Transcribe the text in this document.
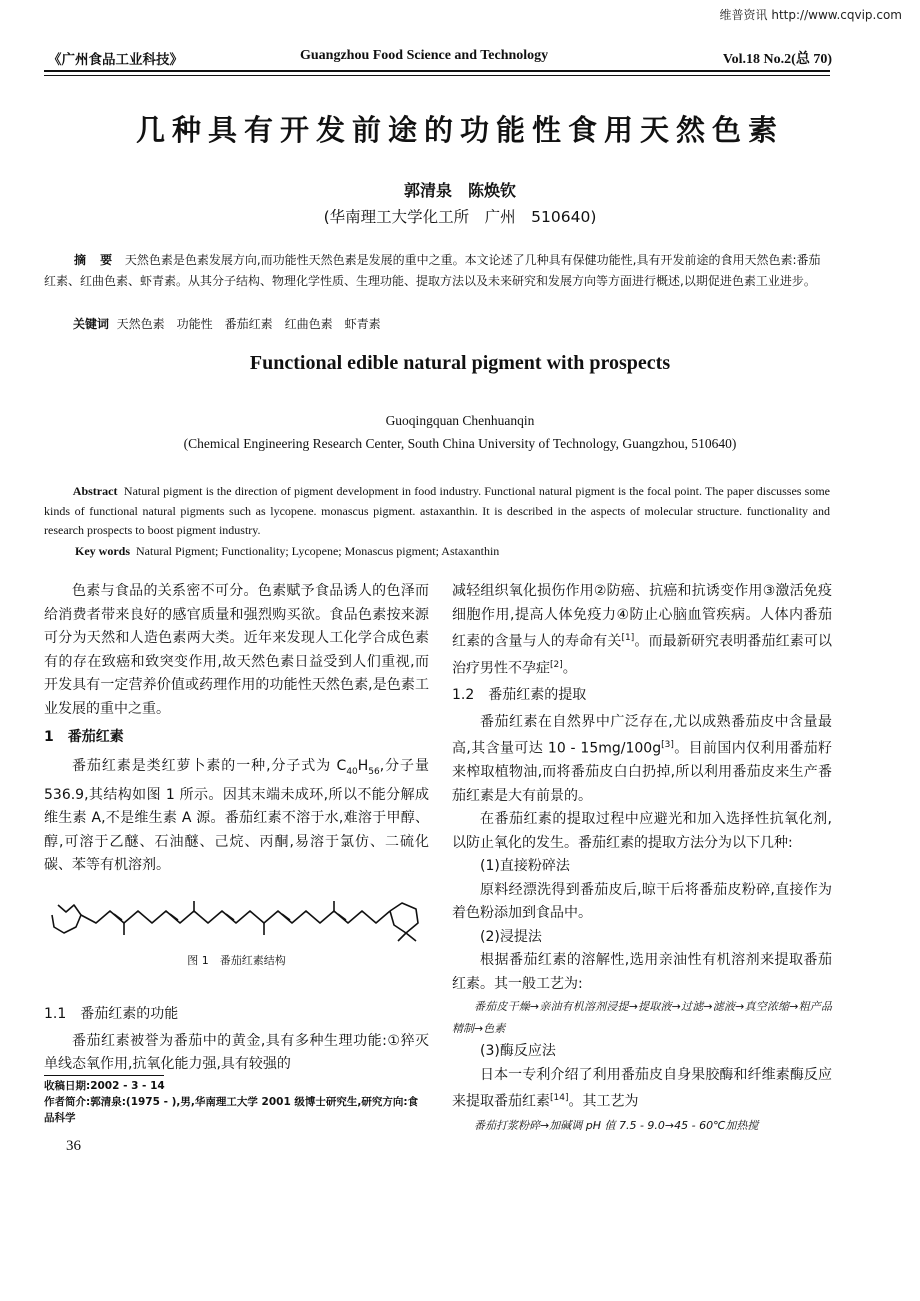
维普资讯 http://www.cqvip.com
《广州食品工业科技》	Guangzhou Food Science and Technology	Vol.18 No.2(总 70)
几种具有开发前途的功能性食用天然色素
郭清泉　陈焕钦
(华南理工大学化工所　广州　510640)
摘 要 天然色素是色素发展方向,而功能性天然色素是发展的重中之重。本文论述了几种具有保健功能性,具有开发前途的食用天然色素:番茄红素、红曲色素、虾青素。从其分子结构、物理化学性质、生理功能、提取方法以及未来研究和发展方向等方面进行概述,以期促进色素工业进步。
关键词 天然色素　功能性　番茄红素　红曲色素　虾青素
Functional edible natural pigment with prospects
Guoqingquan Chenhuanqin
(Chemical Engineering Research Center, South China University of Technology, Guangzhou, 510640)
Abstract Natural pigment is the direction of pigment development in food industry. Functional natural pigment is the focal point. The paper discusses some kinds of functional natural pigments such as lycopene. monascus pigment. astaxanthin. It is described in the aspects of molecular structure. functionality and research prospects to boost pigment industry.
Key words Natural Pigment; Functionality; Lycopene; Monascus pigment; Astaxanthin

色素与食品的关系密不可分。色素赋予食品诱人的色泽而给消费者带来良好的感官质量和强烈购买欲。食品色素按来源可分为天然和人造色素两大类。近年来发现人工化学合成色素有的存在致癌和致突变作用,故天然色素日益受到人们重视,而开发具有一定营养价值或药理作用的功能性天然色素,是色素工业发展的重中之重。

1　番茄红素

番茄红素是类红萝卜素的一种,分子式为 $C_{40}H_{56}$,分子量 536.9,其结构如图 1 所示。因其末端未成环,所以不能分解成维生素 A,不是维生素 A 源。番茄红素不溶于水,难溶于甲醇、醇,可溶于乙醚、石油醚、己烷、丙酮,易溶于氯仿、二硫化碳、苯等有机溶剂。

图 1　番茄红素结构

1.1　番茄红素的功能

番茄红素被誉为番茄中的黄金,具有多种生理功能:①猝灭单线态氧作用,抗氧化能力强,具有较强的

收稿日期:2002 - 3 - 14
作者简介:郭清泉:(1975 - ),男,华南理工大学 2001 级博士研究生,研究方向:食品科学
36

减轻组织氧化损伤作用②防癌、抗癌和抗诱变作用③激活免疫细胞作用,提高人体免疫力④防止心脑血管疾病。人体内番茄红素的含量与人的寿命有关[1]。而最新研究表明番茄红素可以治疗男性不孕症[2]。

1.2　番茄红素的提取

番茄红素在自然界中广泛存在,尤以成熟番茄皮中含量最高,其含量可达 10 - 15mg/100g[3]。目前国内仅利用番茄籽来榨取植物油,而将番茄皮白白扔掉,所以利用番茄皮来生产番茄红素是大有前景的。

在番茄红素的提取过程中应避光和加入选择性抗氧化剂,以防止氧化的发生。番茄红素的提取方法分为以下几种:

(1)直接粉碎法

原料经漂洗得到番茄皮后,晾干后将番茄皮粉碎,直接作为着色粉添加到食品中。

(2)浸提法

根据番茄红素的溶解性,选用亲油性有机溶剂来提取番茄红素。其一般工艺为:

番茄皮干燥→亲油有机溶剂浸提→提取液→过滤→滤液→真空浓缩→粗产品精制→色素

(3)酶反应法

日本一专利介绍了利用番茄皮自身果胶酶和纤维素酶反应来提取番茄红素[14]。其工艺为

番茄打浆粉碎→加碱调 pH 值 7.5 - 9.0→45 - 60℃加热搅
